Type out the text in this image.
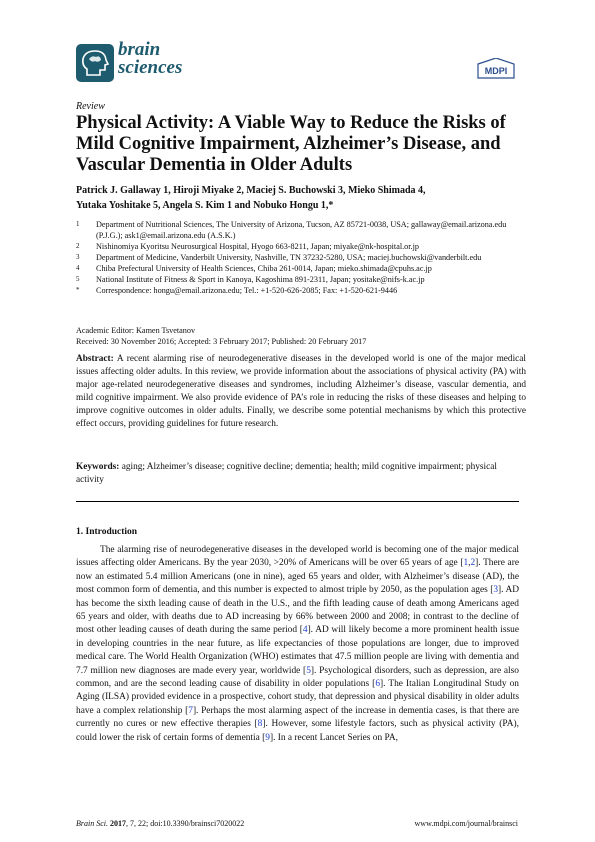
brain
sciences	MDPI
Review
Physical Activity: A Viable Way to Reduce the Risks of Mild Cognitive Impairment, Alzheimer’s Disease, and Vascular Dementia in Older Adults
Patrick J. Gallaway 1, Hiroji Miyake 2, Maciej S. Buchowski 3, Mieko Shimada 4,
Yutaka Yoshitake 5, Angela S. Kim 1 and Nobuko Hongu 1,*
1	Department of Nutritional Sciences, The University of Arizona, Tucson, AZ 85721-0038, USA; gallaway@email.arizona.edu (P.J.G.); ask1@email.arizona.edu (A.S.K.)
2	Nishinomiya Kyoritsu Neurosurgical Hospital, Hyogo 663-8211, Japan; miyake@nk-hospital.or.jp
3	Department of Medicine, Vanderbilt University, Nashville, TN 37232-5280, USA; maciej.buchowski@vanderbilt.edu
4	Chiba Prefectural University of Health Sciences, Chiba 261-0014, Japan; mieko.shimada@cpuhs.ac.jp
5	National Institute of Fitness & Sport in Kanoya, Kagoshima 891-2311, Japan; yositake@nifs-k.ac.jp
*	Correspondence: hongu@email.arizona.edu; Tel.: +1-520-626-2085; Fax: +1-520-621-9446
Academic Editor: Kamen Tsvetanov
Received: 30 November 2016; Accepted: 3 February 2017; Published: 20 February 2017
Abstract: A recent alarming rise of neurodegenerative diseases in the developed world is one of the major medical issues affecting older adults. In this review, we provide information about the associations of physical activity (PA) with major age-related neurodegenerative diseases and syndromes, including Alzheimer’s disease, vascular dementia, and mild cognitive impairment. We also provide evidence of PA’s role in reducing the risks of these diseases and helping to improve cognitive outcomes in older adults. Finally, we describe some potential mechanisms by which this protective effect occurs, providing guidelines for future research.
Keywords: aging; Alzheimer’s disease; cognitive decline; dementia; health; mild cognitive impairment; physical activity
1. Introduction
The alarming rise of neurodegenerative diseases in the developed world is becoming one of the major medical issues affecting older Americans. By the year 2030, >20% of Americans will be over 65 years of age [1,2]. There are now an estimated 5.4 million Americans (one in nine), aged 65 years and older, with Alzheimer’s disease (AD), the most common form of dementia, and this number is expected to almost triple by 2050, as the population ages [3]. AD has become the sixth leading cause of death in the U.S., and the fifth leading cause of death among Americans aged 65 years and older, with deaths due to AD increasing by 66% between 2000 and 2008; in contrast to the decline of most other leading causes of death during the same period [4]. AD will likely become a more prominent health issue in developing countries in the near future, as life expectancies of those populations are longer, due to improved medical care. The World Health Organization (WHO) estimates that 47.5 million people are living with dementia and 7.7 million new diagnoses are made every year, worldwide [5]. Psychological disorders, such as depression, are also common, and are the second leading cause of disability in older populations [6]. The Italian Longitudinal Study on Aging (ILSA) provided evidence in a prospective, cohort study, that depression and physical disability in older adults have a complex relationship [7]. Perhaps the most alarming aspect of the increase in dementia cases, is that there are currently no cures or new effective therapies [8]. However, some lifestyle factors, such as physical activity (PA), could lower the risk of certain forms of dementia [9]. In a recent Lancet Series on PA,
Brain Sci. 2017, 7, 22; doi:10.3390/brainsci7020022	www.mdpi.com/journal/brainsci
